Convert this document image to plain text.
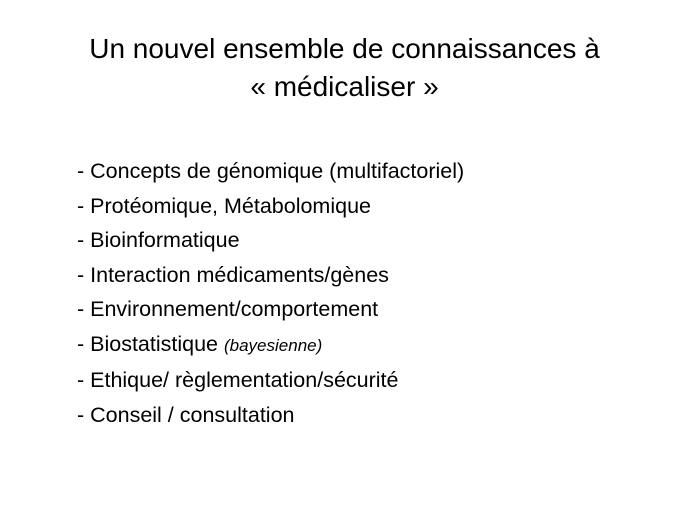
Un nouvel ensemble de connaissances à
« médicaliser »
- Concepts de génomique (multifactoriel)
- Protéomique, Métabolomique
- Bioinformatique
- Interaction médicaments/gènes
- Environnement/comportement
- Biostatistique (bayesienne)
- Ethique/ règlementation/sécurité
- Conseil / consultation
